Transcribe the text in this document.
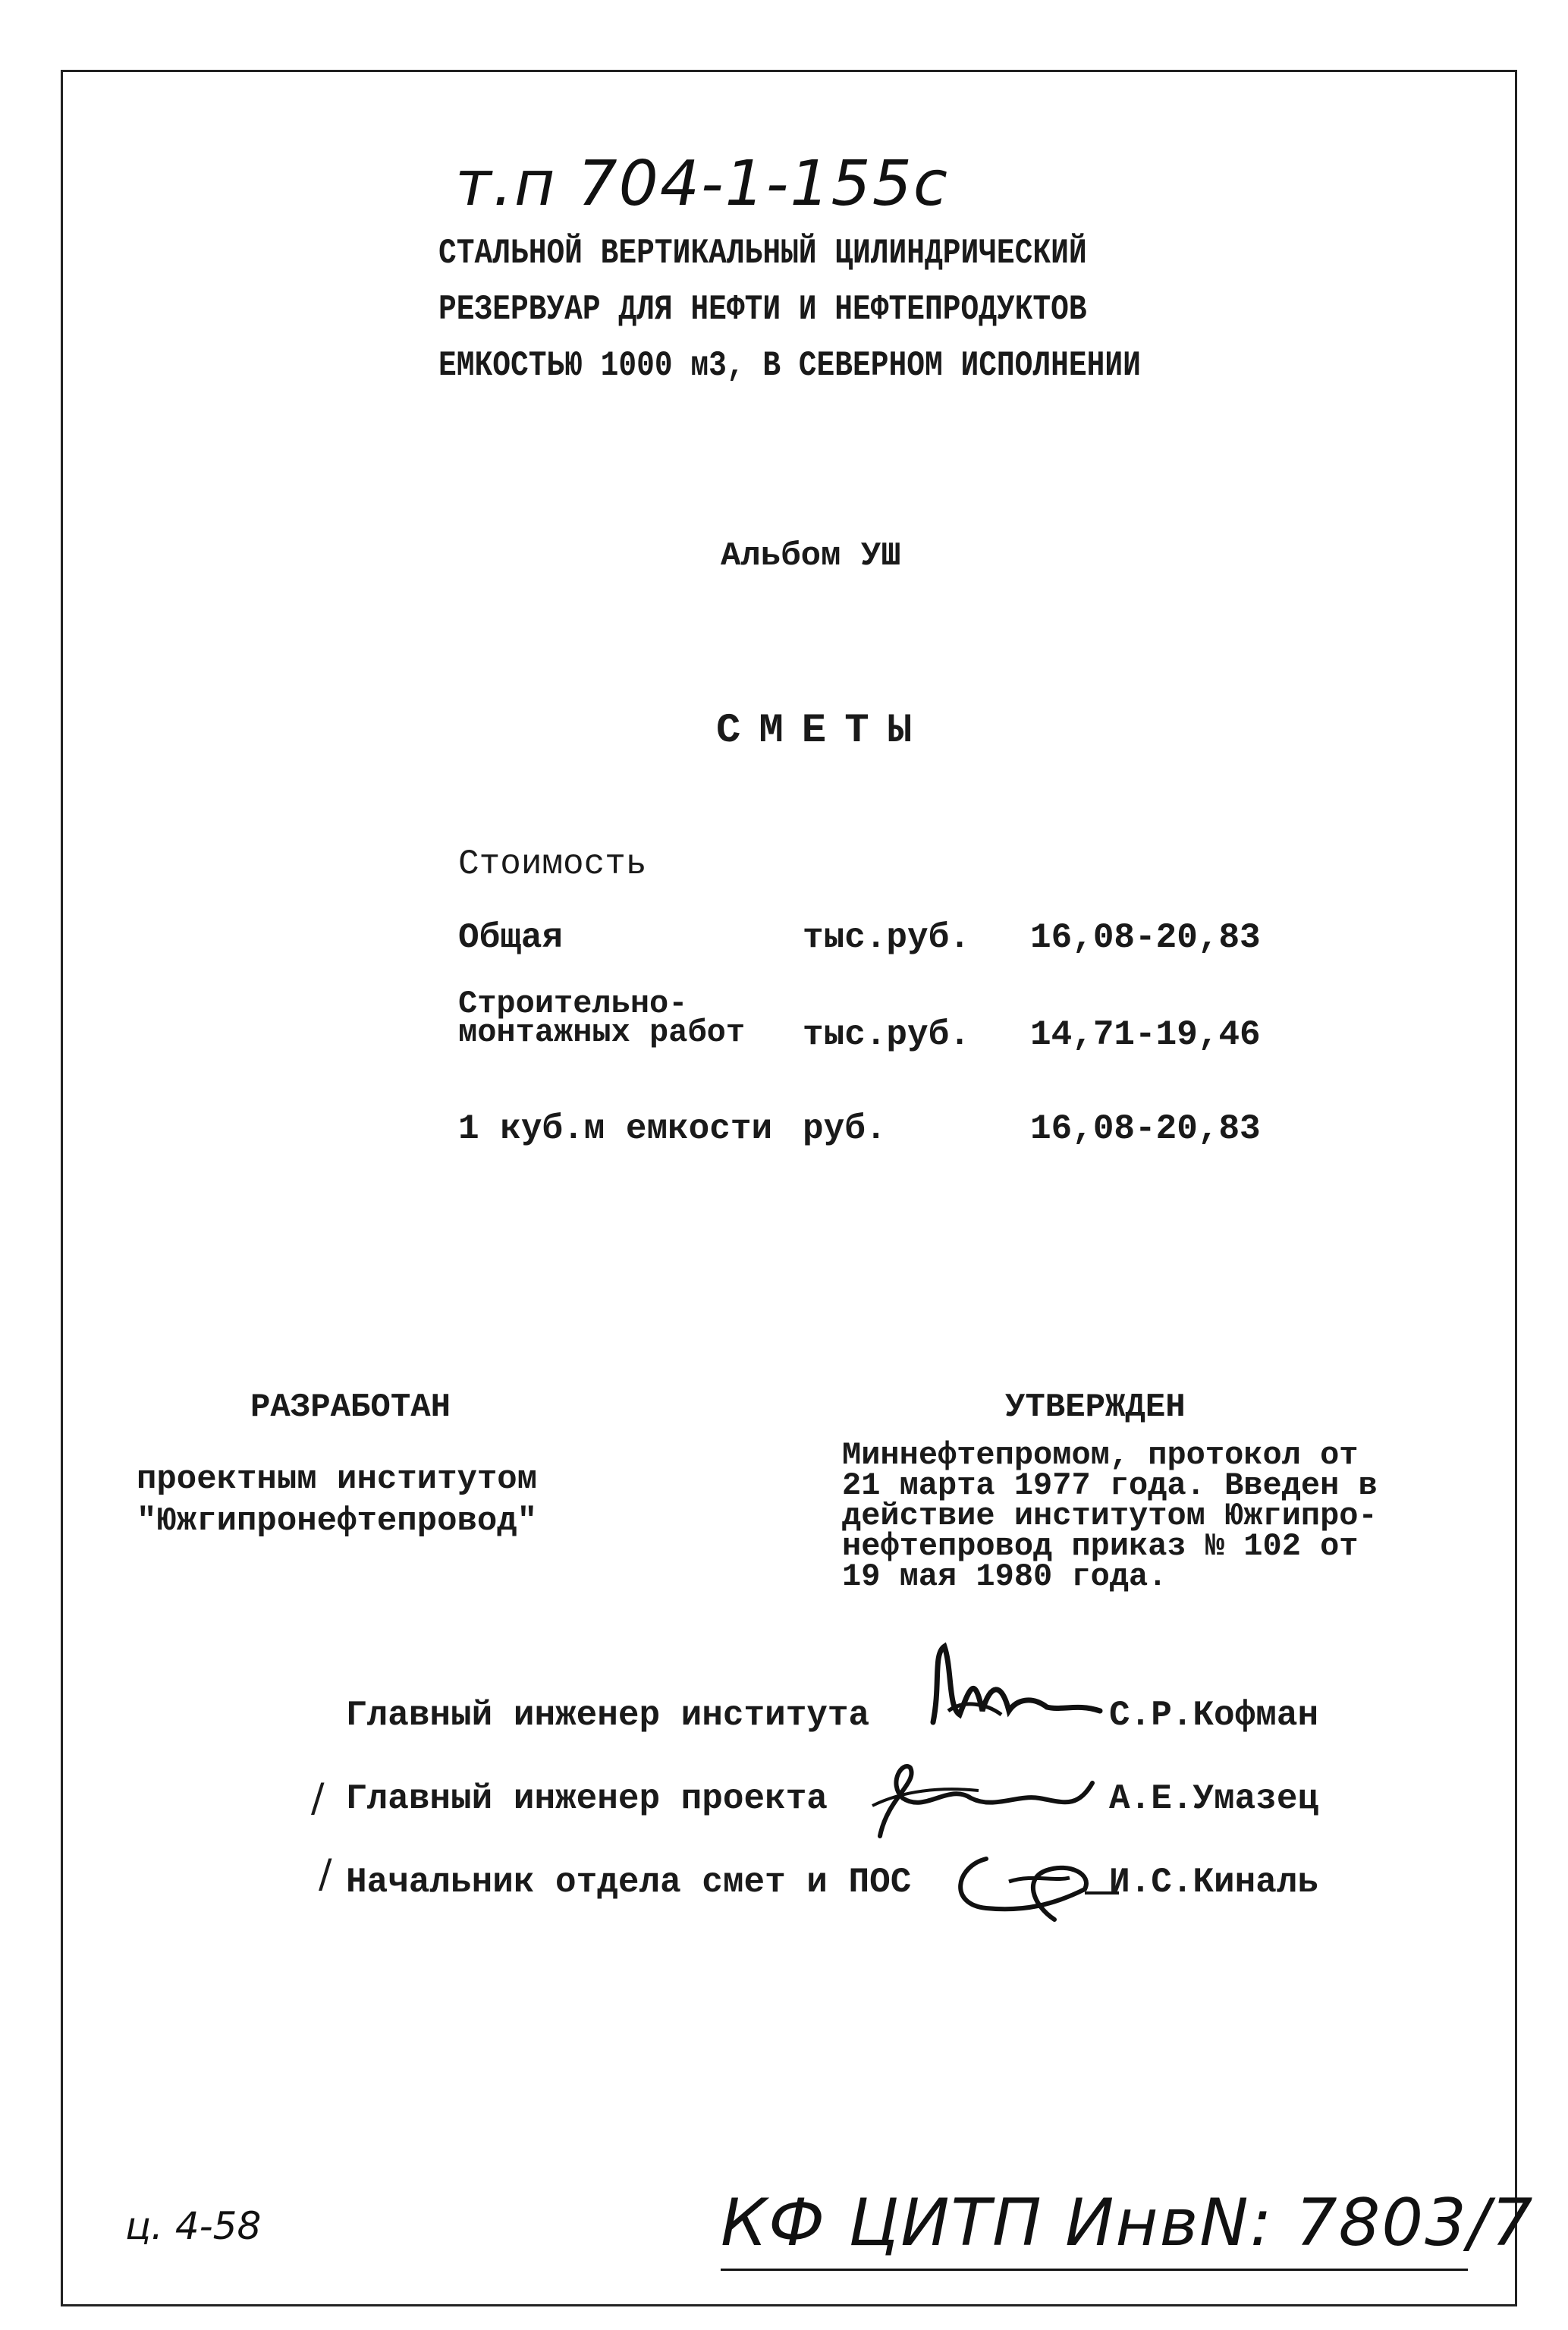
т.п 704-1-155с
СТАЛЬНОЙ ВЕРТИКАЛЬНЫЙ ЦИЛИНДРИЧЕСКИЙ
РЕЗЕРВУАР ДЛЯ НЕФТИ И НЕФТЕПРОДУКТОВ
ЕМКОСТЬЮ 1000 м3, В СЕВЕРНОМ ИСПОЛНЕНИИ
Альбом УШ
СМЕТЫ
Стоимость
Общая	тыс.руб. 16,08-20,83
Строительно-
монтажных работ тыс.руб. 14,71-19,46
1 куб.м емкости руб.	16,08-20,83
РАЗРАБОТАН
проектным институтом
"Южгипронефтепровод"
УТВЕРЖДЕН
Миннефтепромом, протокол от
21 марта 1977 года. Введен в
действие институтом Южгипро-
нефтепровод приказ № 102 от
19 мая 1980 года.
Главный инженер института	С.Р.Кофман
/ Главный инженер проекта	А.Е.Умазец
/ Начальник отдела смет и ПОС	И.С.Киналь
ц. 4-58	КФ ЦИТП ИнвN: 7803/7
